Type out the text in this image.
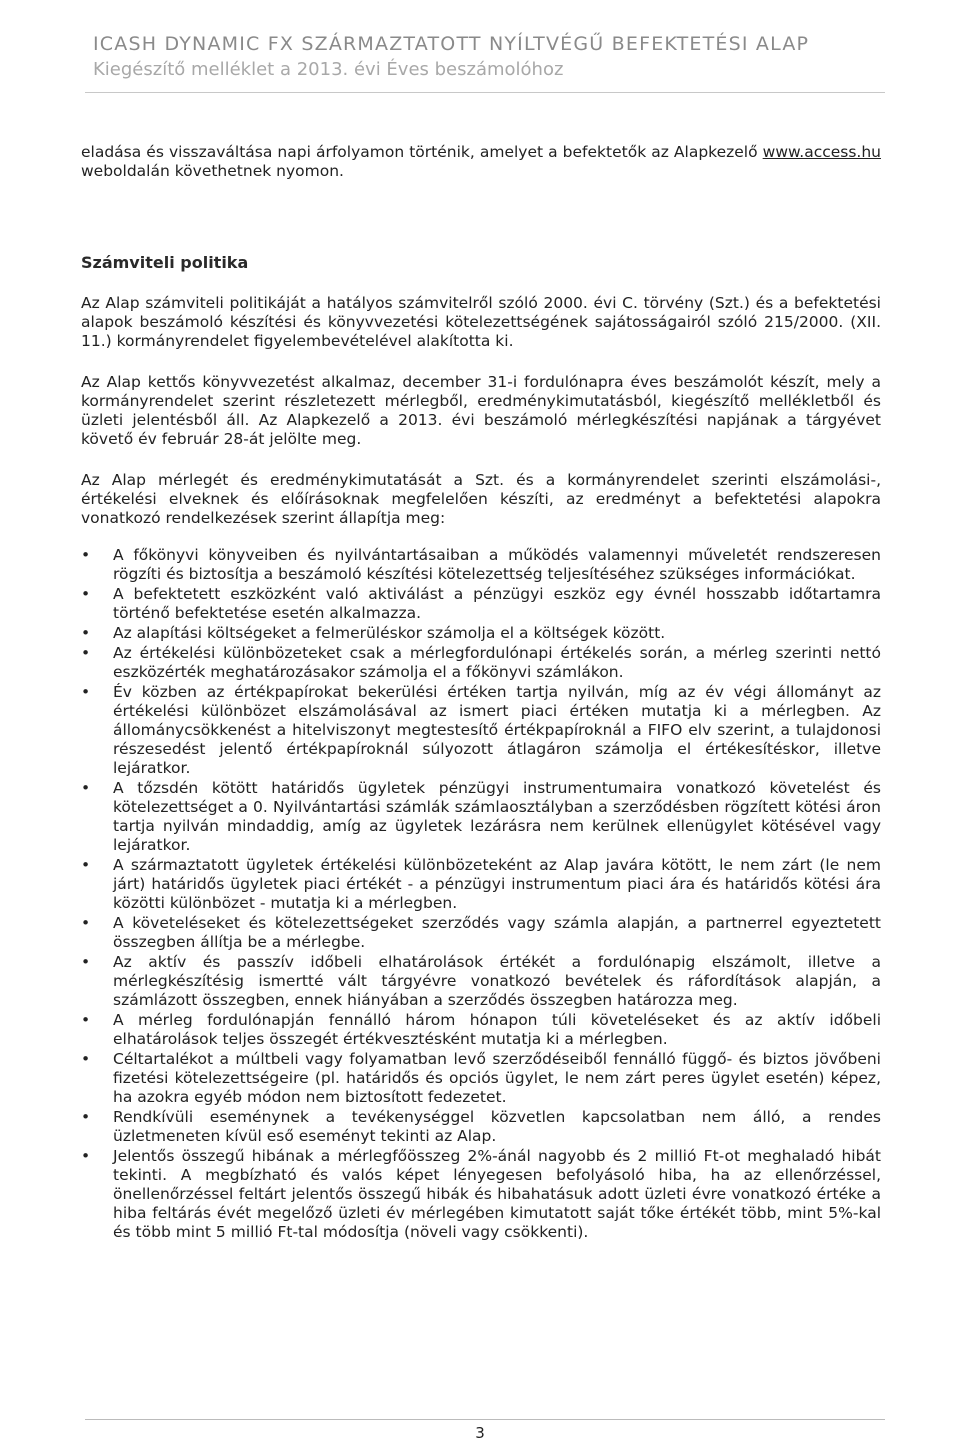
ICASH DYNAMIC FX SZÁRMAZTATOTT NYÍLTVÉGŰ BEFEKTETÉSI ALAP
Kiegészítő melléklet a 2013. évi Éves beszámolóhoz

eladása és visszaváltása napi árfolyamon történik, amelyet a befektetők az Alapkezelő www.access.hu weboldalán követhetnek nyomon.

Számviteli politika

Az Alap számviteli politikáját a hatályos számvitelről szóló 2000. évi C. törvény (Szt.) és a befektetési alapok beszámoló készítési és könyvvezetési kötelezettségének sajátosságairól szóló 215/2000. (XII. 11.) kormányrendelet figyelembevételével alakította ki.

Az Alap kettős könyvvezetést alkalmaz, december 31-i fordulónapra éves beszámolót készít, mely a kormányrendelet szerint részletezett mérlegből, eredménykimutatásból, kiegészítő mellékletből és üzleti jelentésből áll. Az Alapkezelő a 2013. évi beszámoló mérlegkészítési napjának a tárgyévet követő év február 28-át jelölte meg.

Az Alap mérlegét és eredménykimutatását a Szt. és a kormányrendelet szerinti elszámolási-, értékelési elveknek és előírásoknak megfelelően készíti, az eredményt a befektetési alapokra vonatkozó rendelkezések szerint állapítja meg:

• A főkönyvi könyveiben és nyilvántartásaiban a működés valamennyi műveletét rendszeresen rögzíti és biztosítja a beszámoló készítési kötelezettség teljesítéséhez szükséges információkat.
• A befektetett eszközként való aktiválást a pénzügyi eszköz egy évnél hosszabb időtartamra történő befektetése esetén alkalmazza.
• Az alapítási költségeket a felmerüléskor számolja el a költségek között.
• Az értékelési különbözeteket csak a mérlegfordulónapi értékelés során, a mérleg szerinti nettó eszközérték meghatározásakor számolja el a főkönyvi számlákon.
• Év közben az értékpapírokat bekerülési értéken tartja nyilván, míg az év végi állományt az értékelési különbözet elszámolásával az ismert piaci értéken mutatja ki a mérlegben. Az állománycsökkenést a hitelviszonyt megtestesítő értékpapíroknál a FIFO elv szerint, a tulajdonosi részesedést jelentő értékpapíroknál súlyozott átlagáron számolja el értékesítéskor, illetve lejáratkor.
• A tőzsdén kötött határidős ügyletek pénzügyi instrumentumaira vonatkozó követelést és kötelezettséget a 0. Nyilvántartási számlák számlaosztályban a szerződésben rögzített kötési áron tartja nyilván mindaddig, amíg az ügyletek lezárásra nem kerülnek ellenügylet kötésével vagy lejáratkor.
• A származtatott ügyletek értékelési különbözeteként az Alap javára kötött, le nem zárt (le nem járt) határidős ügyletek piaci értékét - a pénzügyi instrumentum piaci ára és határidős kötési ára közötti különbözet - mutatja ki a mérlegben.
• A követeléseket és kötelezettségeket szerződés vagy számla alapján, a partnerrel egyeztetett összegben állítja be a mérlegbe.
• Az aktív és passzív időbeli elhatárolások értékét a fordulónapig elszámolt, illetve a mérlegkészítésig ismertté vált tárgyévre vonatkozó bevételek és ráfordítások alapján, a számlázott összegben, ennek hiányában a szerződés összegben határozza meg.
• A mérleg fordulónapján fennálló három hónapon túli követeléseket és az aktív időbeli elhatárolások teljes összegét értékvesztésként mutatja ki a mérlegben.
• Céltartalékot a múltbeli vagy folyamatban levő szerződéseiből fennálló függő- és biztos jövőbeni fizetési kötelezettségeire (pl. határidős és opciós ügylet, le nem zárt peres ügylet esetén) képez, ha azokra egyéb módon nem biztosított fedezetet.
• Rendkívüli eseménynek a tevékenységgel közvetlen kapcsolatban nem álló, a rendes üzletmeneten kívül eső eseményt tekinti az Alap.
• Jelentős összegű hibának a mérlegfőösszeg 2%-ánál nagyobb és 2 millió Ft-ot meghaladó hibát tekinti. A megbízható és valós képet lényegesen befolyásoló hiba, ha az ellenőrzéssel, önellenőrzéssel feltárt jelentős összegű hibák és hibahatásuk adott üzleti évre vonatkozó értéke a hiba feltárás évét megelőző üzleti év mérlegében kimutatott saját tőke értékét több, mint 5%-kal és több mint 5 millió Ft-tal módosítja (növeli vagy csökkenti).
3
